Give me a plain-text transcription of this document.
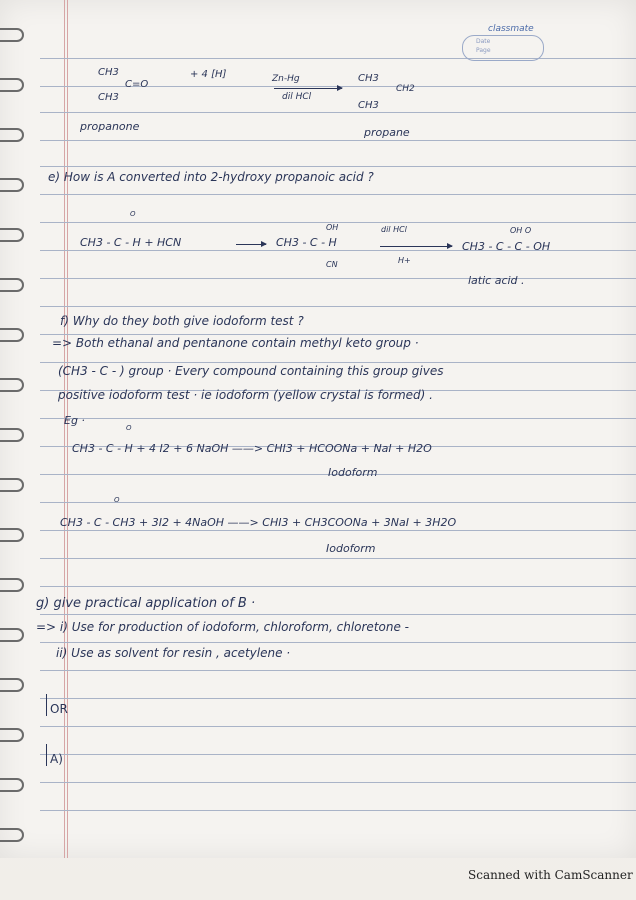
classmate
Date
Page
CH3
C=O
CH3
+ 4 [H]	Zn-Hg
dil HCl
CH3
CH2
CH3
propanone	propane
e) How is A converted into 2-hydroxy propanoic acid ?
O
CH3 - C - H + HCN
OH
CH3 - C - H
CN
dil HCl
H+
OH O
CH3 - C - C - OH
latic acid .
f) Why do they both give iodoform test ?
=> Both ethanal and pentanone contain methyl keto group ·
(CH3 - C - ) group · Every compound containing this group gives
positive iodoform test · ie iodoform (yellow crystal is formed) .
Eg ·
O
CH3 - C - H + 4 I2 + 6 NaOH ——> CHI3 + HCOONa + NaI + H2O
Iodoform
O
CH3 - C - CH3 + 3I2 + 4NaOH ——> CHI3 + CH3COONa + 3NaI + 3H2O
Iodoform
g) give practical application of B ·
=> i) Use for production of iodoform, chloroform, chloretone -
ii) Use as solvent for resin , acetylene ·
OR
A)
Scanned with CamScanner
